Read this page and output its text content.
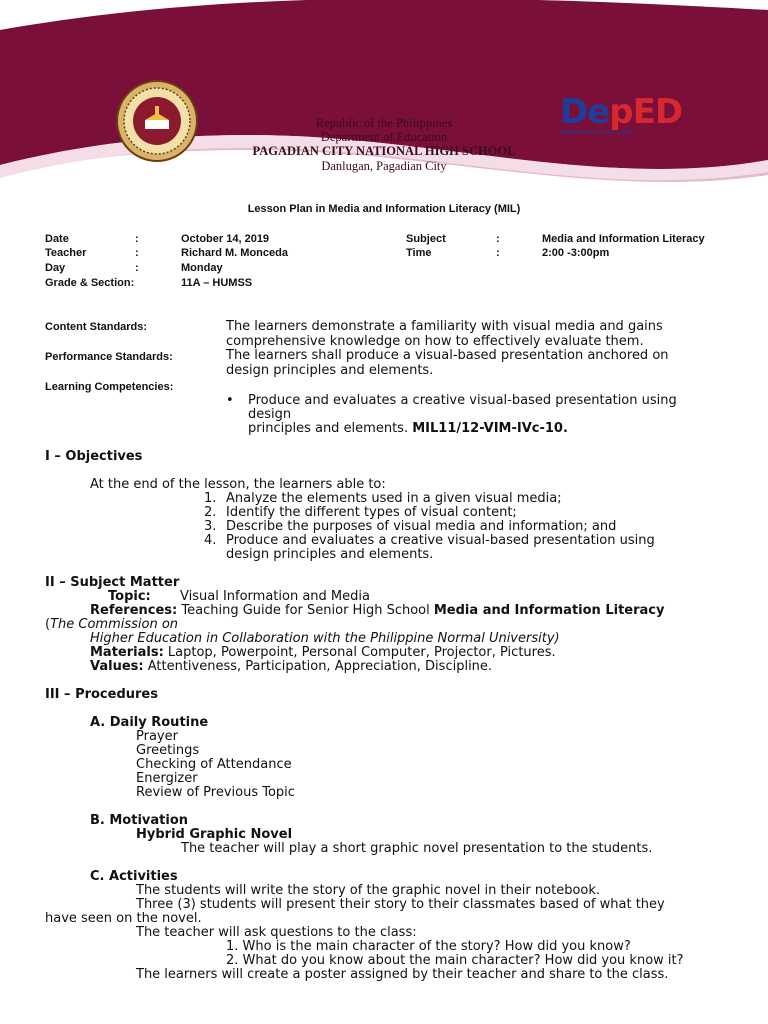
Republic of the Philippines
Department of Education
PAGADIAN CITY NATIONAL HIGH SCHOOL
Danlugan, Pagadian City
DepED
DEPARTMENT OF EDUCATION
Lesson Plan in Media and Information Literacy (MIL)
Date	:	October 14, 2019
Teacher	:	Richard M. Monceda
Day	:	Monday
Grade & Section:	11A – HUMSS
Subject	:	Media and Information Literacy
Time	:	2:00 -3:00pm
Content Standards:	The learners demonstrate a familiarity with visual media and gains
comprehensive knowledge on how to effectively evaluate them.
Performance Standards:	The learners shall produce a visual-based presentation anchored on
design principles and elements.
Learning Competencies:
• Produce and evaluates a creative visual-based presentation using
design
principles and elements. MIL11/12-VIM-IVc-10.
I – Objectives
At the end of the lesson, the learners able to:
1. Analyze the elements used in a given visual media;
2. Identify the different types of visual content;
3. Describe the purposes of visual media and information; and
4. Produce and evaluates a creative visual-based presentation using
design principles and elements.
II – Subject Matter
Topic: Visual Information and Media
References: Teaching Guide for Senior High School Media and Information Literacy
(The Commission on
Higher Education in Collaboration with the Philippine Normal University)
Materials: Laptop, Powerpoint, Personal Computer, Projector, Pictures.
Values: Attentiveness, Participation, Appreciation, Discipline.
III – Procedures
A. Daily Routine
Prayer
Greetings
Checking of Attendance
Energizer
Review of Previous Topic
B. Motivation
Hybrid Graphic Novel
The teacher will play a short graphic novel presentation to the students.
C. Activities
The students will write the story of the graphic novel in their notebook.
Three (3) students will present their story to their classmates based of what they
have seen on the novel.
The teacher will ask questions to the class:
1. Who is the main character of the story? How did you know?
2. What do you know about the main character? How did you know it?
The learners will create a poster assigned by their teacher and share to the class.
